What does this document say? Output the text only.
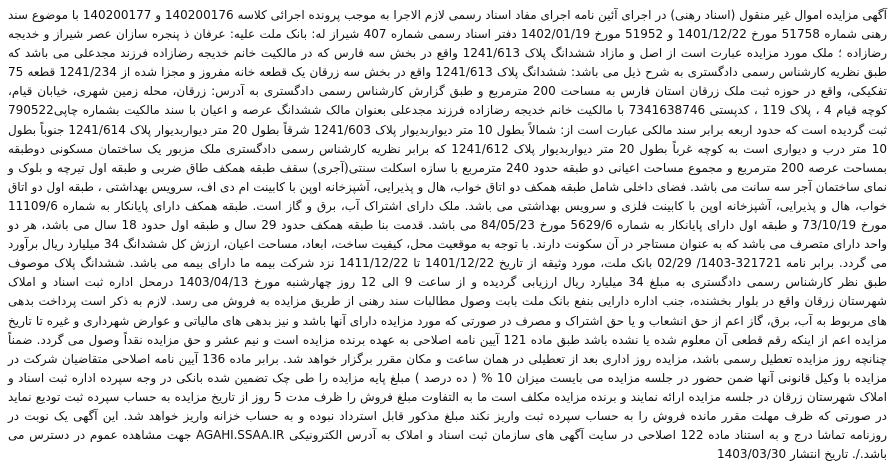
آگهی مزایده اموال غیر منقول (اسناد رهنی) در اجرای آئین نامه اجرای مفاد اسناد رسمی لازم الاجرا به موجب پرونده اجرائی کلاسه 140200176 و 140200177 با موضوع سند رهنی شماره 51758 مورخ 1401/12/22 و 51952 مورخ 1402/01/19 دفتر اسناد رسمی شماره 407 شیراز له: بانک ملت علیه: عرفان ذ پنجره سازان عصر شیراز و خدیجه رضازاده ؛ ملک مورد مزایده عبارت است از اصل و مازاد ششدانگ پلاک 1241/613 واقع در بخش سه فارس که در مالکیت خانم خدیجه رضازاده فرزند مجدعلی می باشد که طبق نظریه کارشناس رسمی دادگستری به شرح ذیل می باشد: ششدانگ پلاک 1241/613 واقع در بخش سه زرقان یک قطعه خانه مفروز و مجزا شده از 1241/234 قطعه 75 تفکیکی، واقع در حوزه ثبت ملک زرقان استان فارس به مساحت 200 مترمربع و طبق گزارش کارشناس رسمی دادگستری به آدرس: زرقان، محله زمین شهری، خیابان قیام، کوچه قیام 4 ، پلاک 119 ، کدپستی 7341638746 با مالکیت خانم خدیجه رضازاده فرزند مجدعلی بعنوان مالک ششدانگ عرصه و اعیان با سند مالکیت بشماره چاپی790522 ثبت گردیده است که حدود اربعه برابر سند مالکی عبارت است از: شمالاً بطول 10 متر دیواربدیوار پلاک 1241/603 شرقاً بطول 20 متر دیواربدیوار پلاک 1241/614 جنوباً بطول 10 متر درب و دیواری است به کوچه غرباً بطول 20 متر دیواربدیوار پلاک 1241/612 که برابر نظریه کارشناس رسمی دادگستری ملک مزبور یک ساختمان مسکونی دوطبقه بمساحت عرصه 200 مترمربع و مجموع مساحت اعیانی دو طبقه حدود 240 مترمربع با سازه اسکلت سنتی(آجری) سقف طبقه همکف طاق ضربی و طبقه اول تیرچه و بلوک و نمای ساختمان آجر سه سانت می باشد. فضای داخلی شامل طبقه همکف دو اتاق خواب، هال و پذیرایی، آشپزخانه اوپن با کابینت ام دی اف، سرویس بهداشتی ، طبقه اول دو اتاق خواب، هال و پذیرایی، آشپزخانه اوپن با کابینت فلزی و سرویس بهداشتی می باشد. ملک دارای اشتراک آب، برق و گاز است. طبقه همکف دارای پایانکار به شماره 11109/6 مورخ 73/10/19 و طبقه اول دارای پایانکار به شماره 5629/6 مورخ 84/05/23 می باشد. قدمت بنا طبقه همکف حدود 29 سال و طبقه اول حدود 18 سال می باشد، هر دو واحد دارای متصرف می باشد که به عنوان مستاجر در آن سکونت دارند. با توجه به موقعیت محل، کیفیت ساخت، ابعاد، مساحت اعیان، ارزش کل ششدانگ 34 میلیارد ریال برآورد می گردد. برابر نامه 321721-1403/ 02/29 بانک ملت، مورد وثیقه از تاریخ 1401/12/22 تا 1411/12/22 نزد شرکت بیمه ما دارای بیمه می باشد. ششدانگ پلاک موصوف طبق نظر کارشناس رسمی دادگستری به مبلغ 34 میلیارد ریال ارزیابی گردیده و از ساعت 9 الی 12 روز چهارشنبه مورخ 1403/04/13 درمحل اداره ثبت اسناد و املاک شهرستان زرقان واقع در بلوار بخشنده، جنب اداره دارایی بنفع بانک ملت بابت وصول مطالبات سند رهنی از طریق مزایده به فروش می رسد. لازم به ذکر است پرداخت بدهی های مربوط به آب، برق، گاز اعم از حق انشعاب و یا حق اشتراک و مصرف در صورتی که مورد مزایده دارای آنها باشد و نیز بدهی های مالیاتی و عوارض شهرداری و غیره تا تاریخ مزایده اعم از اینکه رقم قطعی آن معلوم شده یا نشده باشد طبق ماده 121 آیین نامه اصلاحی به عهده برنده مزایده است و نیم عشر و حق مزایده نقداً وصول می گردد. ضمناً چنانچه روز مزایده تعطیل رسمی باشد، مزایده روز اداری بعد از تعطیلی در همان ساعت و مکان مقرر برگزار خواهد شد. برابر ماده 136 آیین نامه اصلاحی متقاضیان شرکت در مزایده با وکیل قانونی آنها ضمن حضور در جلسه مزایده می بایست میزان 10 % ( ده درصد ) مبلغ پایه مزایده را طی چک تضمین شده بانکی در وجه سپرده اداره ثبت اسناد و املاک شهرستان زرقان در جلسه مزایده ارائه نمایند و برنده مزایده مکلف است ما به التفاوت مبلغ فروش را ظرف مدت 5 روز از تاریخ مزایده به حساب سپرده ثبت تودیع نماید در صورتی که ظرف مهلت مقرر مانده فروش را به حساب سپرده ثبت واریز نکند مبلغ مذکور قابل استرداد نبوده و به حساب خزانه واریز خواهد شد. این آگهی یک نوبت در روزنامه تماشا درج و به استناد ماده 122 اصلاحی در سایت آگهی های سازمان ثبت اسناد و املاک به آدرس الکترونیکی AGAHI.SSAA.IR جهت مشاهده عموم در دسترس می باشد./. تاریخ انتشار 1403/03/30
